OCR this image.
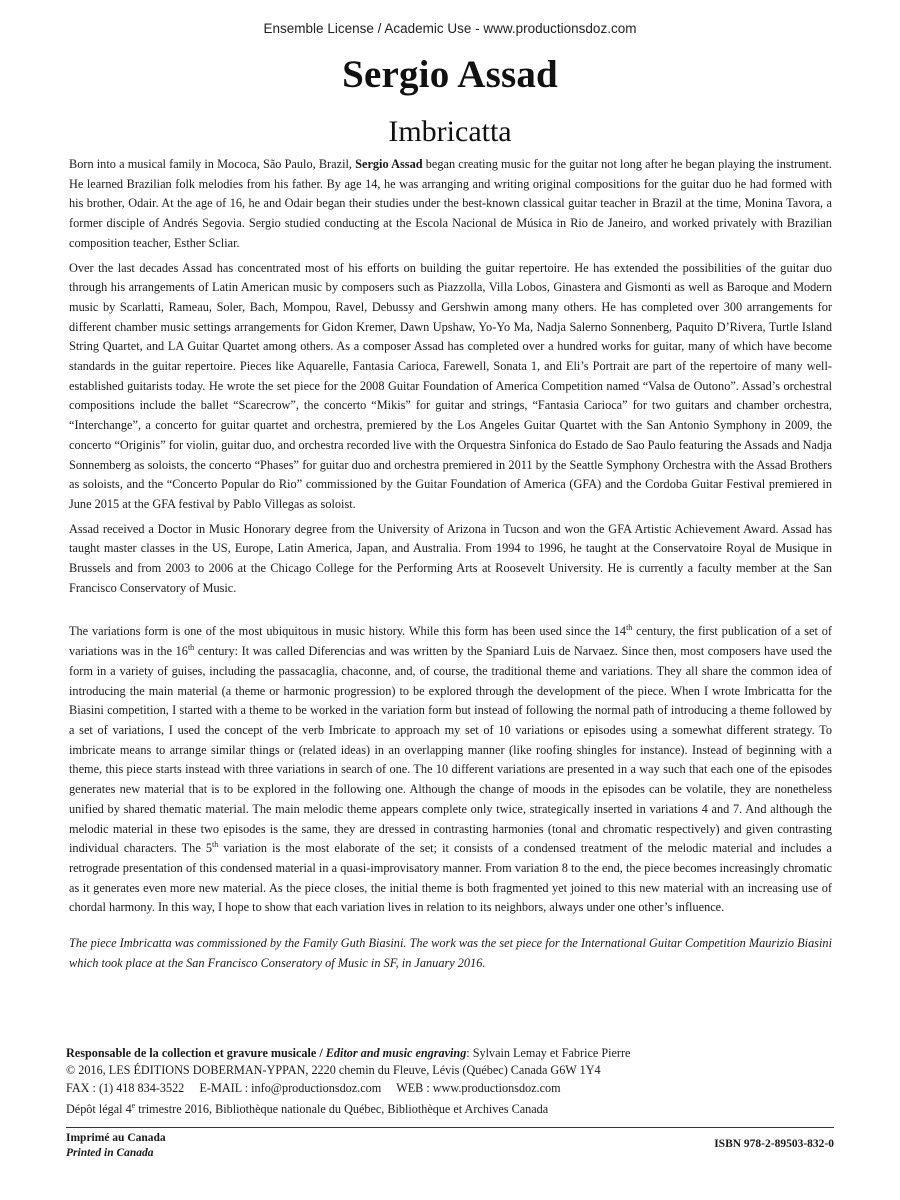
Ensemble License / Academic Use - www.productionsdoz.com
Sergio Assad
Imbricatta

Born into a musical family in Mococa, São Paulo, Brazil, Sergio Assad began creating music for the guitar not long after he began playing the instrument. He learned Brazilian folk melodies from his father. By age 14, he was arranging and writing original compositions for the guitar duo he had formed with his brother, Odair. At the age of 16, he and Odair began their studies under the best-known classical guitar teacher in Brazil at the time, Monina Tavora, a former disciple of Andrés Segovia. Sergio studied conducting at the Escola Nacional de Música in Rio de Janeiro, and worked privately with Brazilian composition teacher, Esther Scliar.

Over the last decades Assad has concentrated most of his efforts on building the guitar repertoire. He has extended the possibilities of the guitar duo through his arrangements of Latin American music by composers such as Piazzolla, Villa Lobos, Ginastera and Gismonti as well as Baroque and Modern music by Scarlatti, Rameau, Soler, Bach, Mompou, Ravel, Debussy and Gershwin among many others. He has completed over 300 arrangements for different chamber music settings arrangements for Gidon Kremer, Dawn Upshaw, Yo-Yo Ma, Nadja Salerno Sonnenberg, Paquito D’Rivera, Turtle Island String Quartet, and LA Guitar Quartet among others. As a composer Assad has completed over a hundred works for guitar, many of which have become standards in the guitar repertoire. Pieces like Aquarelle, Fantasia Carioca, Farewell, Sonata 1, and Eli’s Portrait are part of the repertoire of many well-established guitarists today. He wrote the set piece for the 2008 Guitar Foundation of America Competition named “Valsa de Outono”. Assad’s orchestral compositions include the ballet “Scarecrow”, the concerto “Mikis” for guitar and strings, “Fantasia Carioca” for two guitars and chamber orchestra, “Interchange”, a concerto for guitar quartet and orchestra, premiered by the Los Angeles Guitar Quartet with the San Antonio Symphony in 2009, the concerto “Originis” for violin, guitar duo, and orchestra recorded live with the Orquestra Sinfonica do Estado de Sao Paulo featuring the Assads and Nadja Sonnemberg as soloists, the concerto “Phases” for guitar duo and orchestra premiered in 2011 by the Seattle Symphony Orchestra with the Assad Brothers as soloists, and the “Concerto Popular do Rio” commissioned by the Guitar Foundation of America (GFA) and the Cordoba Guitar Festival premiered in June 2015 at the GFA festival by Pablo Villegas as soloist.

Assad received a Doctor in Music Honorary degree from the University of Arizona in Tucson and won the GFA Artistic Achievement Award. Assad has taught master classes in the US, Europe, Latin America, Japan, and Australia. From 1994 to 1996, he taught at the Conservatoire Royal de Musique in Brussels and from 2003 to 2006 at the Chicago College for the Performing Arts at Roosevelt University. He is currently a faculty member at the San Francisco Conservatory of Music.

The variations form is one of the most ubiquitous in music history. While this form has been used since the 14th century, the first publication of a set of variations was in the 16th century: It was called Diferencias and was written by the Spaniard Luis de Narvaez. Since then, most composers have used the form in a variety of guises, including the passacaglia, chaconne, and, of course, the traditional theme and variations. They all share the common idea of introducing the main material (a theme or harmonic progression) to be explored through the development of the piece. When I wrote Imbricatta for the Biasini competition, I started with a theme to be worked in the variation form but instead of following the normal path of introducing a theme followed by a set of variations, I used the concept of the verb Imbricate to approach my set of 10 variations or episodes using a somewhat different strategy. To imbricate means to arrange similar things or (related ideas) in an overlapping manner (like roofing shingles for instance). Instead of beginning with a theme, this piece starts instead with three variations in search of one. The 10 different variations are presented in a way such that each one of the episodes generates new material that is to be explored in the following one. Although the change of moods in the episodes can be volatile, they are nonetheless unified by shared thematic material. The main melodic theme appears complete only twice, strategically inserted in variations 4 and 7. And although the melodic material in these two episodes is the same, they are dressed in contrasting harmonies (tonal and chromatic respectively) and given contrasting individual characters. The 5th variation is the most elaborate of the set; it consists of a condensed treatment of the melodic material and includes a retrograde presentation of this condensed material in a quasi-improvisatory manner. From variation 8 to the end, the piece becomes increasingly chromatic as it generates even more new material. As the piece closes, the initial theme is both fragmented yet joined to this new material with an increasing use of chordal harmony. In this way, I hope to show that each variation lives in relation to its neighbors, always under one other’s influence.

The piece Imbricatta was commissioned by the Family Guth Biasini. The work was the set piece for the International Guitar Competition Maurizio Biasini which took place at the San Francisco Conseratory of Music in SF, in January 2016.

Responsable de la collection et gravure musicale / Editor and music engraving: Sylvain Lemay et Fabrice Pierre
© 2016, LES ÉDITIONS DOBERMAN-YPPAN, 2220 chemin du Fleuve, Lévis (Québec) Canada G6W 1Y4
FAX : (1) 418 834-3522     E-MAIL : info@productionsdoz.com     WEB : www.productionsdoz.com
Dépôt légal 4e trimestre 2016, Bibliothèque nationale du Québec, Bibliothèque et Archives Canada
Imprimé au Canada
Printed in Canada
ISBN 978-2-89503-832-0
